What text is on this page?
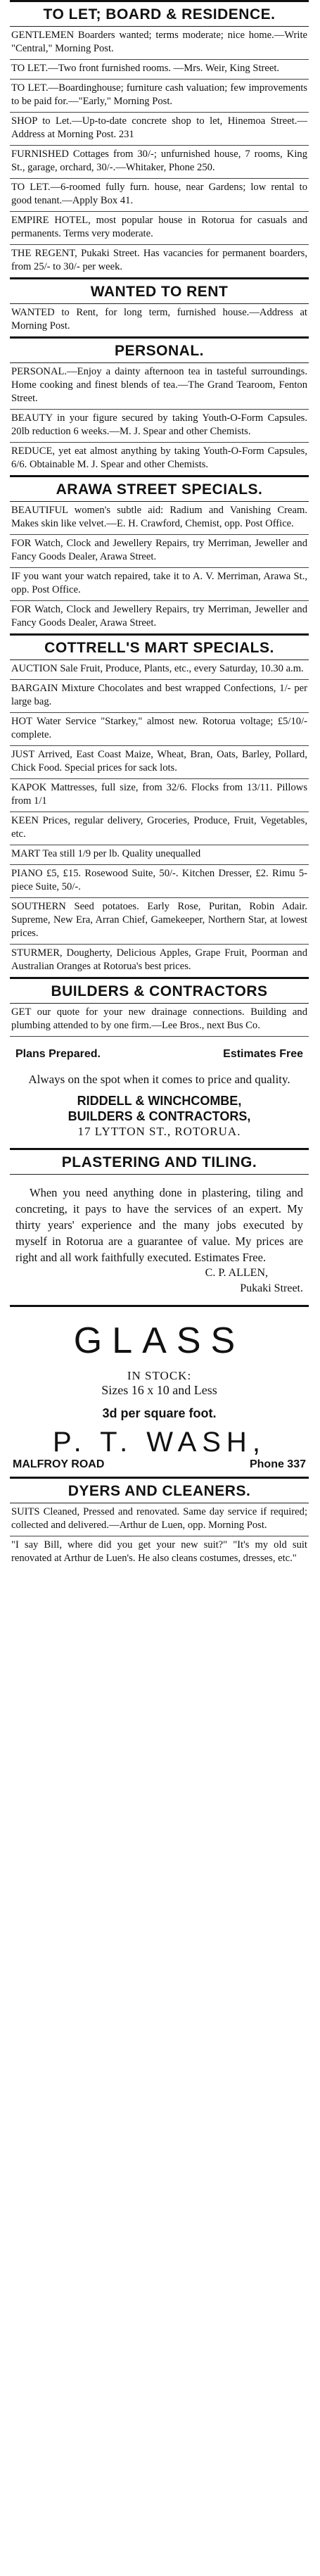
TO LET; BOARD & RESIDENCE.
GENTLEMEN Boarders wanted; terms moderate; nice home.—Write "Central," Morning Post.
TO LET.—Two front furnished rooms. —Mrs. Weir, King Street.
TO LET.—Boardinghouse; furniture cash valuation; few improvements to be paid for.—"Early," Morning Post.
SHOP to Let.—Up-to-date concrete shop to let, Hinemoa Street.—Address at Morning Post. 231
FURNISHED Cottages from 30/-; unfurnished house, 7 rooms, King St., garage, orchard, 30/-.—Whitaker, Phone 250.
TO LET.—6-roomed fully furn. house, near Gardens; low rental to good tenant.—Apply Box 41.
EMPIRE HOTEL, most popular house in Rotorua for casuals and permanents. Terms very moderate.
THE REGENT, Pukaki Street. Has vacancies for permanent boarders, from 25/- to 30/- per week.
WANTED TO RENT
WANTED to Rent, for long term, furnished house.—Address at Morning Post.
PERSONAL.
PERSONAL.—Enjoy a dainty afternoon tea in tasteful surroundings. Home cooking and finest blends of tea.—The Grand Tearoom, Fenton Street.
BEAUTY in your figure secured by taking Youth-O-Form Capsules. 20lb reduction 6 weeks.—M. J. Spear and other Chemists.
REDUCE, yet eat almost anything by taking Youth-O-Form Capsules, 6/6. Obtainable M. J. Spear and other Chemists.
ARAWA STREET SPECIALS.
BEAUTIFUL women's subtle aid: Radium and Vanishing Cream. Makes skin like velvet.—E. H. Crawford, Chemist, opp. Post Office.
FOR Watch, Clock and Jewellery Repairs, try Merriman, Jeweller and Fancy Goods Dealer, Arawa Street.
IF you want your watch repaired, take it to A. V. Merriman, Arawa St., opp. Post Office.
FOR Watch, Clock and Jewellery Repairs, try Merriman, Jeweller and Fancy Goods Dealer, Arawa Street.
COTTRELL'S MART SPECIALS.
AUCTION Sale Fruit, Produce, Plants, etc., every Saturday, 10.30 a.m.
BARGAIN Mixture Chocolates and best wrapped Confections, 1/- per large bag.
HOT Water Service "Starkey," almost new. Rotorua voltage; £5/10/- complete.
JUST Arrived, East Coast Maize, Wheat, Bran, Oats, Barley, Pollard, Chick Food. Special prices for sack lots.
KAPOK Mattresses, full size, from 32/6. Flocks from 13/11. Pillows from 1/1
KEEN Prices, regular delivery, Groceries, Produce, Fruit, Vegetables, etc.
MART Tea still 1/9 per lb. Quality unequalled
PIANO £5, £15. Rosewood Suite, 50/-. Kitchen Dresser, £2. Rimu 5-piece Suite, 50/-.
SOUTHERN Seed potatoes. Early Rose, Puritan, Robin Adair. Supreme, New Era, Arran Chief, Gamekeeper, Northern Star, at lowest prices.
STURMER, Dougherty, Delicious Apples, Grape Fruit, Poorman and Australian Oranges at Rotorua's best prices.
BUILDERS & CONTRACTORS
GET our quote for your new drainage connections. Building and plumbing attended to by one firm.—Lee Bros., next Bus Co.
Plans Prepared.	Estimates Free
Always on the spot when it comes to price and quality.
RIDDELL & WINCHCOMBE,
BUILDERS & CONTRACTORS,
17 LYTTON ST., ROTORUA.
PLASTERING AND TILING.
When you need anything done in plastering, tiling and concreting, it pays to have the services of an expert. My thirty years' experience and the many jobs executed by myself in Rotorua are a guarantee of value. My prices are right and all work faithfully executed. Estimates Free.
C. P. ALLEN,
Pukaki Street.
GLASS
IN STOCK:
Sizes 16 x 10 and Less
3d per square foot.
P. T. WASH,
MALFROY ROAD	Phone 337
DYERS AND CLEANERS.
SUITS Cleaned, Pressed and renovated. Same day service if required; collected and delivered.—Arthur de Luen, opp. Morning Post.
"I say Bill, where did you get your new suit?" "It's my old suit renovated at Arthur de Luen's. He also cleans costumes, dresses, etc."
